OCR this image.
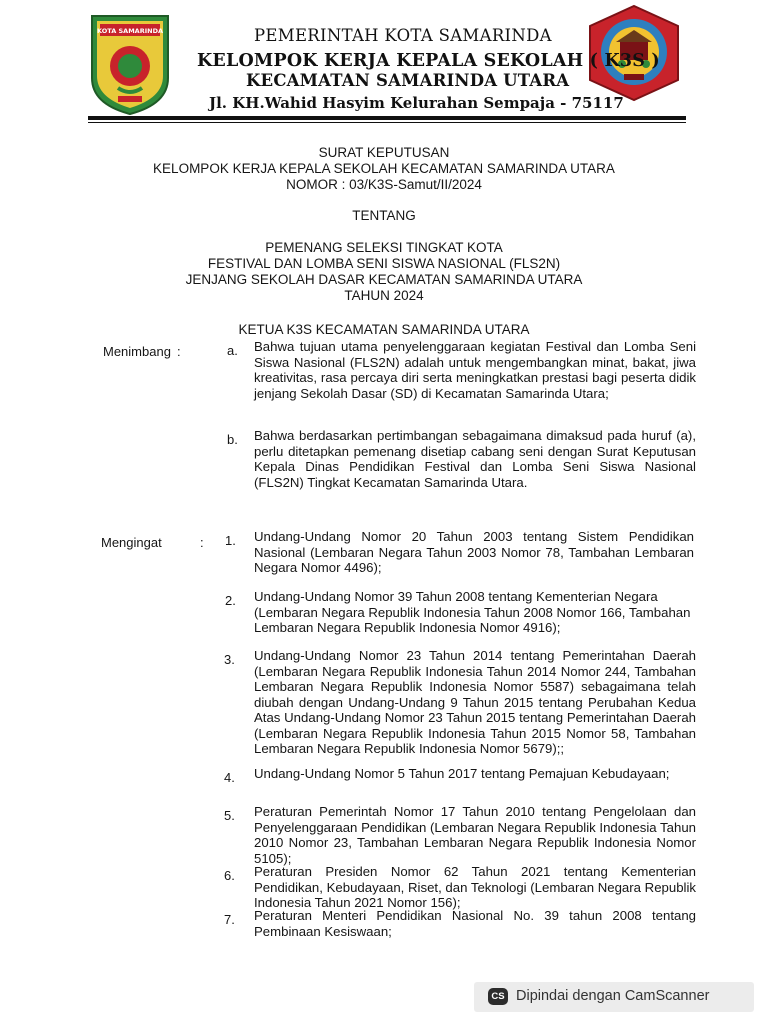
KOTA SAMARINDA	PEMERINTAH KOTA SAMARINDA
KELOMPOK KERJA KEPALA SEKOLAH ( K3S )
KECAMATAN SAMARINDA UTARA
Jl. KH.Wahid Hasyim Kelurahan Sempaja - 75117
SURAT KEPUTUSAN
KELOMPOK KERJA KEPALA SEKOLAH KECAMATAN SAMARINDA UTARA
NOMOR : 03/K3S-Samut/II/2024
TENTANG
PEMENANG SELEKSI TINGKAT KOTA
FESTIVAL DAN LOMBA SENI SISWA NASIONAL (FLS2N)
JENJANG SEKOLAH DASAR KECAMATAN SAMARINDA UTARA
TAHUN 2024
KETUA K3S KECAMATAN SAMARINDA UTARA
Menimbang :	a. Bahwa tujuan utama penyelenggaraan kegiatan Festival dan Lomba Seni Siswa Nasional (FLS2N) adalah untuk mengembangkan minat, bakat, jiwa kreativitas, rasa percaya diri serta meningkatkan prestasi bagi peserta didik jenjang Sekolah Dasar (SD) di Kecamatan Samarinda Utara;
b. Bahwa berdasarkan pertimbangan sebagaimana dimaksud pada huruf (a), perlu ditetapkan pemenang disetiap cabang seni dengan Surat Keputusan Kepala Dinas Pendidikan Festival dan Lomba Seni Siswa Nasional (FLS2N) Tingkat Kecamatan Samarinda Utara.
Mengingat	: 1. Undang-Undang Nomor 20 Tahun 2003 tentang Sistem Pendidikan Nasional (Lembaran Negara Tahun 2003 Nomor 78, Tambahan Lembaran Negara Nomor 4496);
2. Undang-Undang Nomor 39 Tahun 2008 tentang Kementerian Negara (Lembaran Negara Republik Indonesia Tahun 2008 Nomor 166, Tambahan Lembaran Negara Republik Indonesia Nomor 4916);
3. Undang-Undang Nomor 23 Tahun 2014 tentang Pemerintahan Daerah (Lembaran Negara Republik Indonesia Tahun 2014 Nomor 244, Tambahan Lembaran Negara Republik Indonesia Nomor 5587) sebagaimana telah diubah dengan Undang-Undang 9 Tahun 2015 tentang Perubahan Kedua Atas Undang-Undang Nomor 23 Tahun 2015 tentang Pemerintahan Daerah (Lembaran Negara Republik Indonesia Tahun 2015 Nomor 58, Tambahan Lembaran Negara Republik Indonesia Nomor 5679);;
4. Undang-Undang Nomor 5 Tahun 2017 tentang Pemajuan Kebudayaan;
5. Peraturan Pemerintah Nomor 17 Tahun 2010 tentang Pengelolaan dan Penyelenggaraan Pendidikan (Lembaran Negara Republik Indonesia Tahun 2010 Nomor 23, Tambahan Lembaran Negara Republik Indonesia Nomor 5105);
6. Peraturan Presiden Nomor 62 Tahun 2021 tentang Kementerian Pendidikan, Kebudayaan, Riset, dan Teknologi (Lembaran Negara Republik Indonesia Tahun 2021 Nomor 156);
7. Peraturan Menteri Pendidikan Nasional No. 39 tahun 2008 tentang Pembinaan Kesiswaan;
CS Dipindai dengan CamScanner
